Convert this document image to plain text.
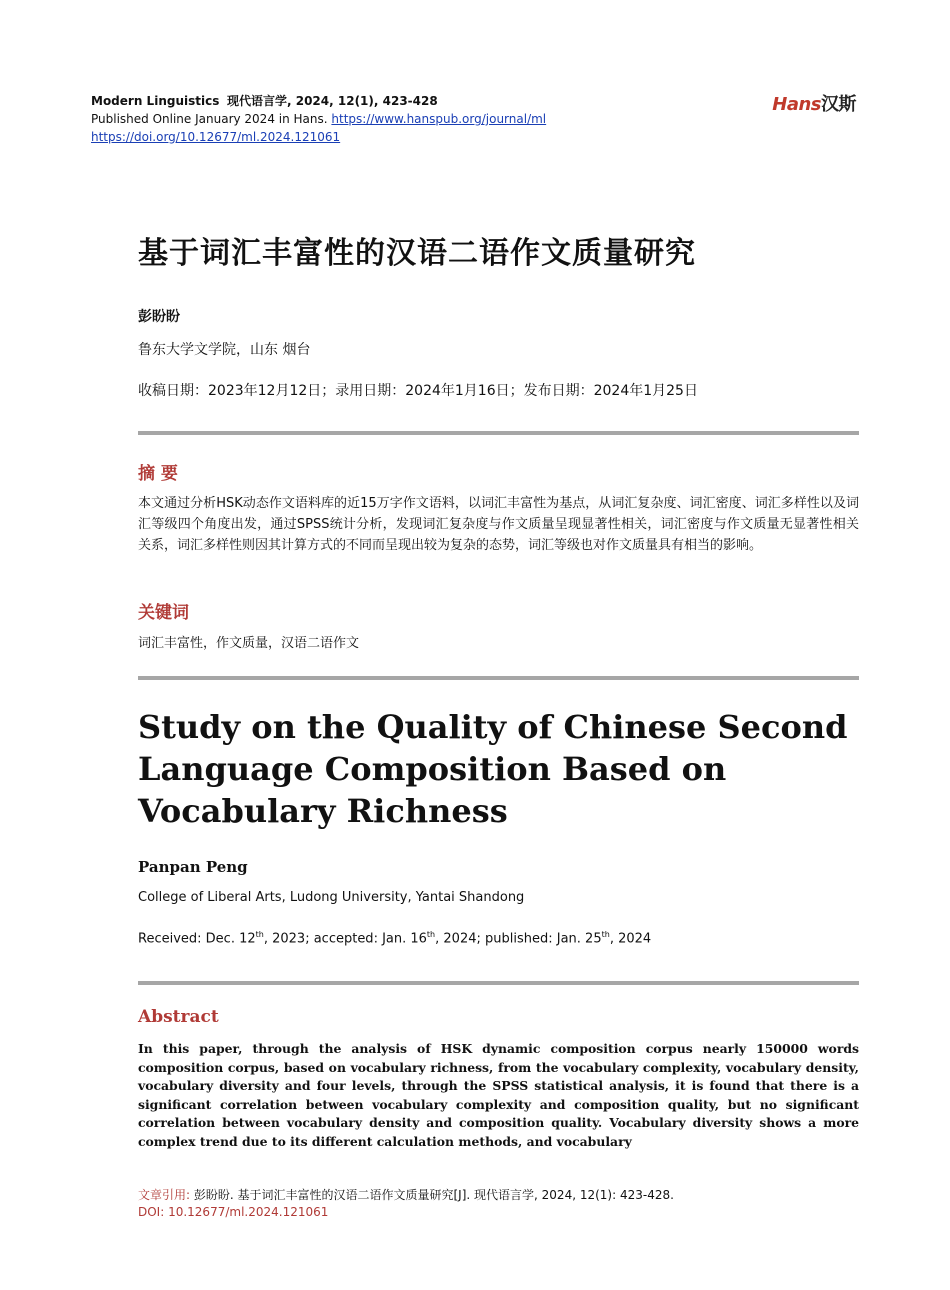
Modern Linguistics 现代语言学, 2024, 12(1), 423-428
Published Online January 2024 in Hans. https://www.hanspub.org/journal/ml
https://doi.org/10.12677/ml.2024.121061
Hans汉斯
基于词汇丰富性的汉语二语作文质量研究
彭盼盼
鲁东大学文学院，山东 烟台
收稿日期：2023年12月12日；录用日期：2024年1月16日；发布日期：2024年1月25日
摘 要
本文通过分析HSK动态作文语料库的近15万字作文语料，以词汇丰富性为基点，从词汇复杂度、词汇密度、词汇多样性以及词汇等级四个角度出发，通过SPSS统计分析，发现词汇复杂度与作文质量呈现显著性相关，词汇密度与作文质量无显著性相关关系，词汇多样性则因其计算方式的不同而呈现出较为复杂的态势，词汇等级也对作文质量具有相当的影响。
关键词
词汇丰富性，作文质量，汉语二语作文
Study on the Quality of Chinese Second Language Composition Based on Vocabulary Richness
Panpan Peng
College of Liberal Arts, Ludong University, Yantai Shandong
Received: Dec. 12th, 2023; accepted: Jan. 16th, 2024; published: Jan. 25th, 2024
Abstract
In this paper, through the analysis of HSK dynamic composition corpus nearly 150000 words composition corpus, based on vocabulary richness, from the vocabulary complexity, vocabulary density, vocabulary diversity and four levels, through the SPSS statistical analysis, it is found that there is a significant correlation between vocabulary complexity and composition quality, but no significant correlation between vocabulary density and composition quality. Vocabulary diversity shows a more complex trend due to its different calculation methods, and vocabulary
文章引用: 彭盼盼. 基于词汇丰富性的汉语二语作文质量研究[J]. 现代语言学, 2024, 12(1): 423-428.
DOI: 10.12677/ml.2024.121061
